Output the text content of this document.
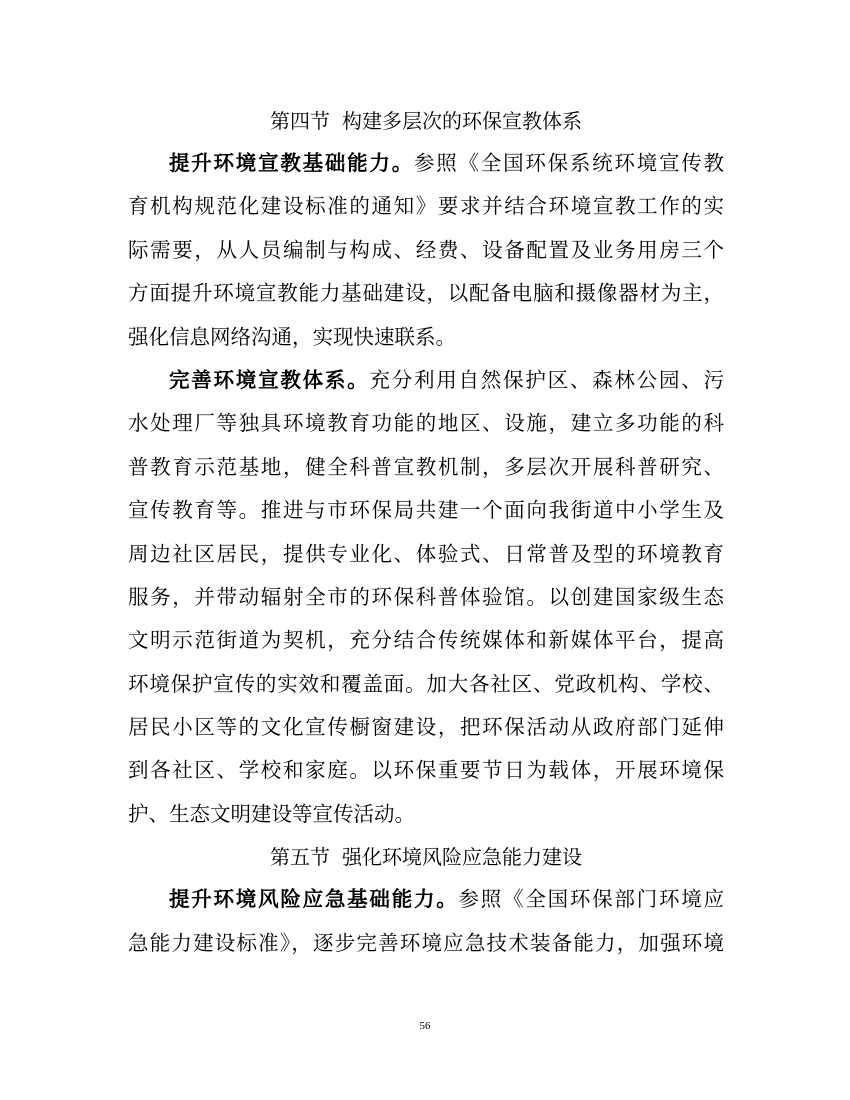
第四节 构建多层次的环保宣教体系
提升环境宣教基础能力。参照《全国环保系统环境宣传教
育机构规范化建设标准的通知》要求并结合环境宣教工作的实
际需要，从人员编制与构成、经费、设备配置及业务用房三个
方面提升环境宣教能力基础建设，以配备电脑和摄像器材为主，
强化信息网络沟通，实现快速联系。
完善环境宣教体系。充分利用自然保护区、森林公园、污
水处理厂等独具环境教育功能的地区、设施，建立多功能的科
普教育示范基地，健全科普宣教机制，多层次开展科普研究、
宣传教育等。推进与市环保局共建一个面向我街道中小学生及
周边社区居民，提供专业化、体验式、日常普及型的环境教育
服务，并带动辐射全市的环保科普体验馆。以创建国家级生态
文明示范街道为契机，充分结合传统媒体和新媒体平台，提高
环境保护宣传的实效和覆盖面。加大各社区、党政机构、学校、
居民小区等的文化宣传橱窗建设，把环保活动从政府部门延伸
到各社区、学校和家庭。以环保重要节日为载体，开展环境保
护、生态文明建设等宣传活动。
第五节 强化环境风险应急能力建设
提升环境风险应急基础能力。参照《全国环保部门环境应
急能力建设标准》，逐步完善环境应急技术装备能力，加强环境
56
